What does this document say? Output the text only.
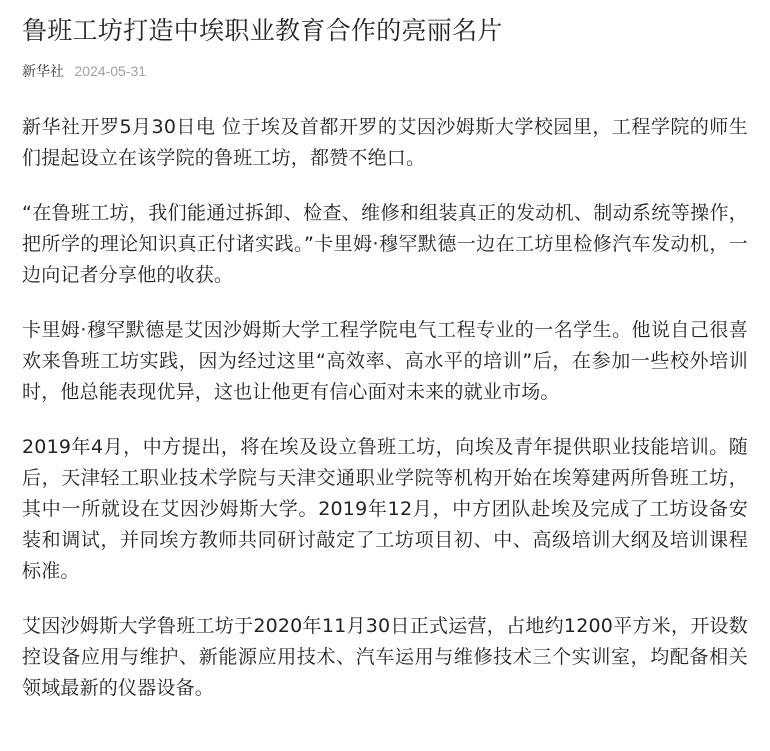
鲁班工坊打造中埃职业教育合作的亮丽名片
新华社 2024-05-31

新华社开罗5月30日电 位于埃及首都开罗的艾因沙姆斯大学校园里，工程学院的师生们提起设立在该学院的鲁班工坊，都赞不绝口。

“在鲁班工坊，我们能通过拆卸、检查、维修和组装真正的发动机、制动系统等操作，把所学的理论知识真正付诸实践。”卡里姆·穆罕默德一边在工坊里检修汽车发动机，一边向记者分享他的收获。

卡里姆·穆罕默德是艾因沙姆斯大学工程学院电气工程专业的一名学生。他说自己很喜欢来鲁班工坊实践，因为经过这里“高效率、高水平的培训”后，在参加一些校外培训时，他总能表现优异，这也让他更有信心面对未来的就业市场。

2019年4月，中方提出，将在埃及设立鲁班工坊，向埃及青年提供职业技能培训。随后，天津轻工职业技术学院与天津交通职业学院等机构开始在埃筹建两所鲁班工坊，其中一所就设在艾因沙姆斯大学。2019年12月，中方团队赴埃及完成了工坊设备安装和调试，并同埃方教师共同研讨敲定了工坊项目初、中、高级培训大纲及培训课程标准。

艾因沙姆斯大学鲁班工坊于2020年11月30日正式运营，占地约1200平方米，开设数控设备应用与维护、新能源应用技术、汽车运用与维修技术三个实训室，均配备相关领域最新的仪器设备。
